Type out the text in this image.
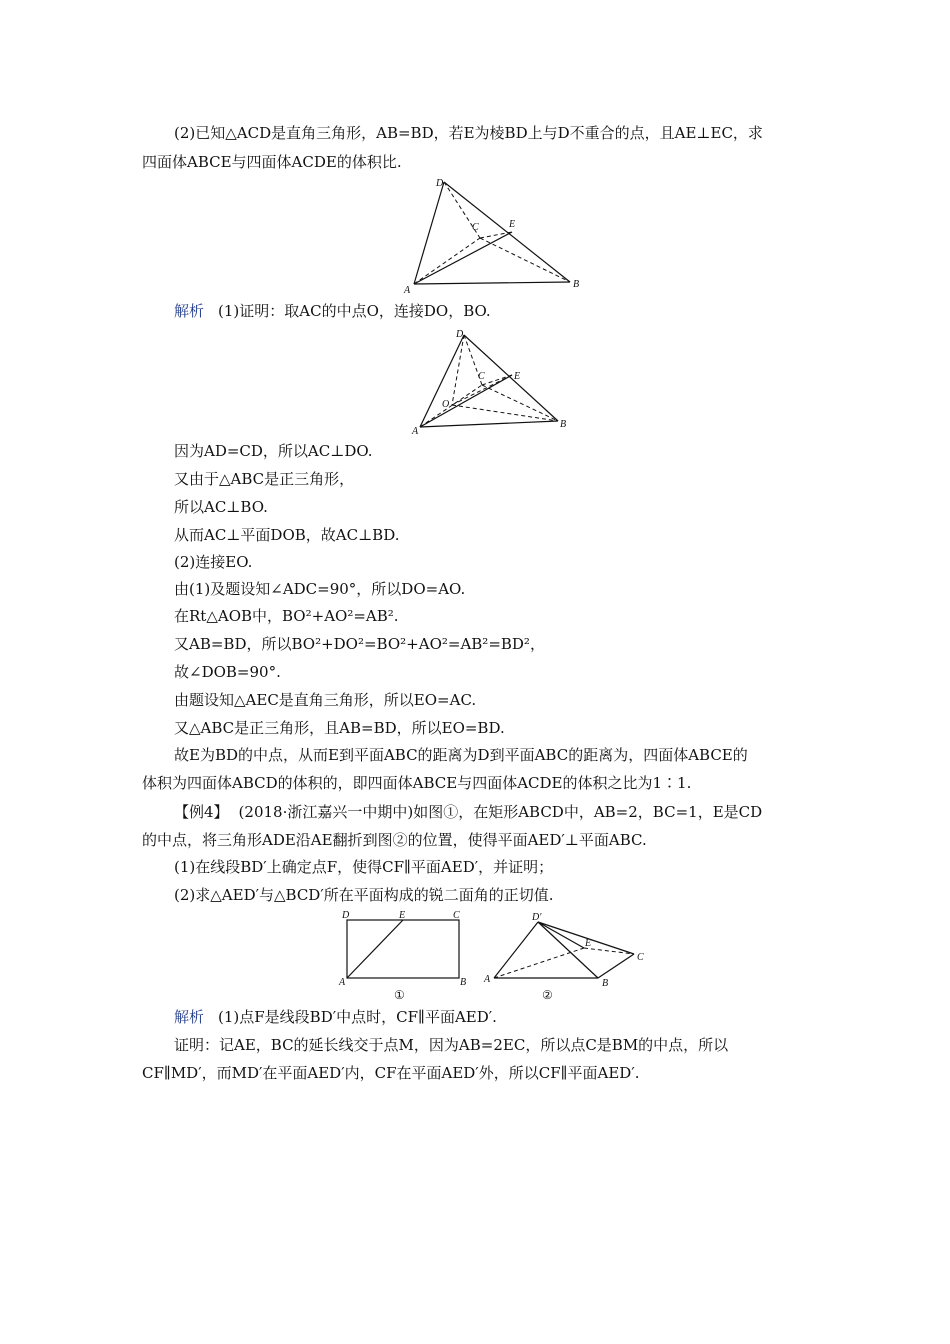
(2)已知△ACD是直角三角形，AB=BD，若E为棱BD上与D不重合的点，且AE⊥EC，求
四面体ABCE与四面体ACDE的体积比.
D
C	E
A
B
解析 (1)证明：取AC的中点O，连接DO，BO.
D
C	E
O
A
B
因为AD=CD，所以AC⊥DO.
又由于△ABC是正三角形，
所以AC⊥BO.
从而AC⊥平面DOB，故AC⊥BD.
(2)连接EO.
由(1)及题设知∠ADC=90°，所以DO=AO.
在Rt△AOB中，BO²+AO²=AB².
又AB=BD，所以BO²+DO²=BO²+AO²=AB²=BD²，
故∠DOB=90°.
由题设知△AEC是直角三角形，所以EO=AC.
又△ABC是正三角形，且AB=BD，所以EO=BD.
故E为BD的中点，从而E到平面ABC的距离为D到平面ABC的距离为，四面体ABCE的
体积为四面体ABCD的体积的，即四面体ABCE与四面体ACDE的体积之比为1∶1.
【例4】 (2018·浙江嘉兴一中期中)如图①，在矩形ABCD中，AB=2，BC=1，E是CD
的中点，将三角形ADE沿AE翻折到图②的位置，使得平面AED′⊥平面ABC.
(1)在线段BD′上确定点F，使得CF∥平面AED′，并证明；
(2)求△AED′与△BCD′所在平面构成的锐二面角的正切值.
D	E	C
A	B
①
D′
E
C
A	B
②
解析 (1)点F是线段BD′中点时，CF∥平面AED′.
证明：记AE，BC的延长线交于点M，因为AB=2EC，所以点C是BM的中点，所以
CF∥MD′，而MD′在平面AED′内，CF在平面AED′外，所以CF∥平面AED′.
